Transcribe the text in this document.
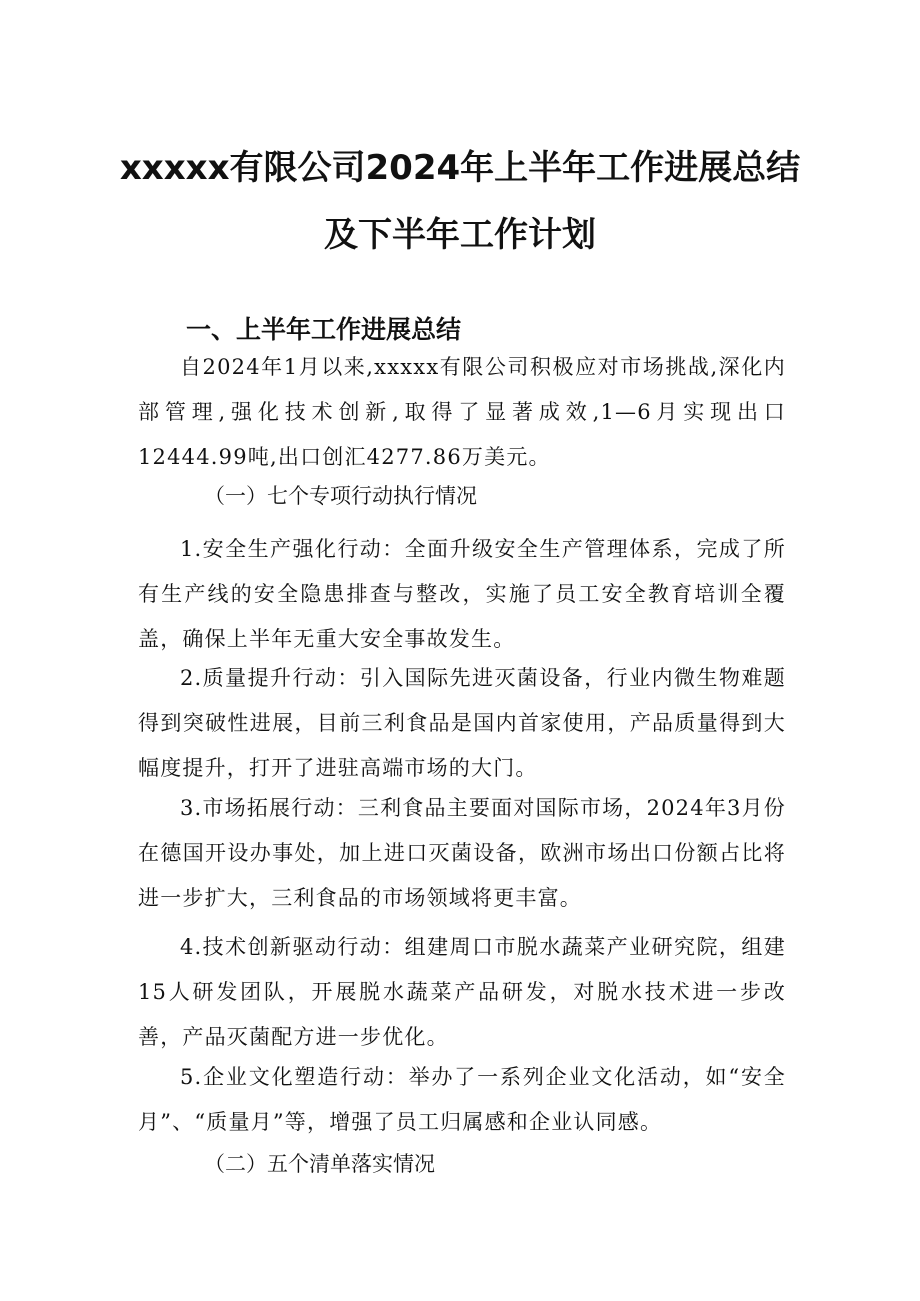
xxxxx有限公司2024年上半年工作进展总结
及下半年工作计划
一、上半年工作进展总结
自2024年1月以来,xxxxx有限公司积极应对市场挑战,深化内部管理,强化技术创新,取得了显著成效,1—6月实现出口12444.99吨,出口创汇4277.86万美元。
（一）七个专项行动执行情况
1.安全生产强化行动：全面升级安全生产管理体系，完成了所有生产线的安全隐患排查与整改，实施了员工安全教育培训全覆盖，确保上半年无重大安全事故发生。
2.质量提升行动：引入国际先进灭菌设备，行业内微生物难题得到突破性进展，目前三利食品是国内首家使用，产品质量得到大幅度提升，打开了进驻高端市场的大门。
3.市场拓展行动：三利食品主要面对国际市场，2024年3月份在德国开设办事处，加上进口灭菌设备，欧洲市场出口份额占比将进一步扩大，三利食品的市场领域将更丰富。
4.技术创新驱动行动：组建周口市脱水蔬菜产业研究院，组建15人研发团队，开展脱水蔬菜产品研发，对脱水技术进一步改善，产品灭菌配方进一步优化。
5.企业文化塑造行动：举办了一系列企业文化活动，如“安全月”、“质量月”等，增强了员工归属感和企业认同感。
（二）五个清单落实情况
